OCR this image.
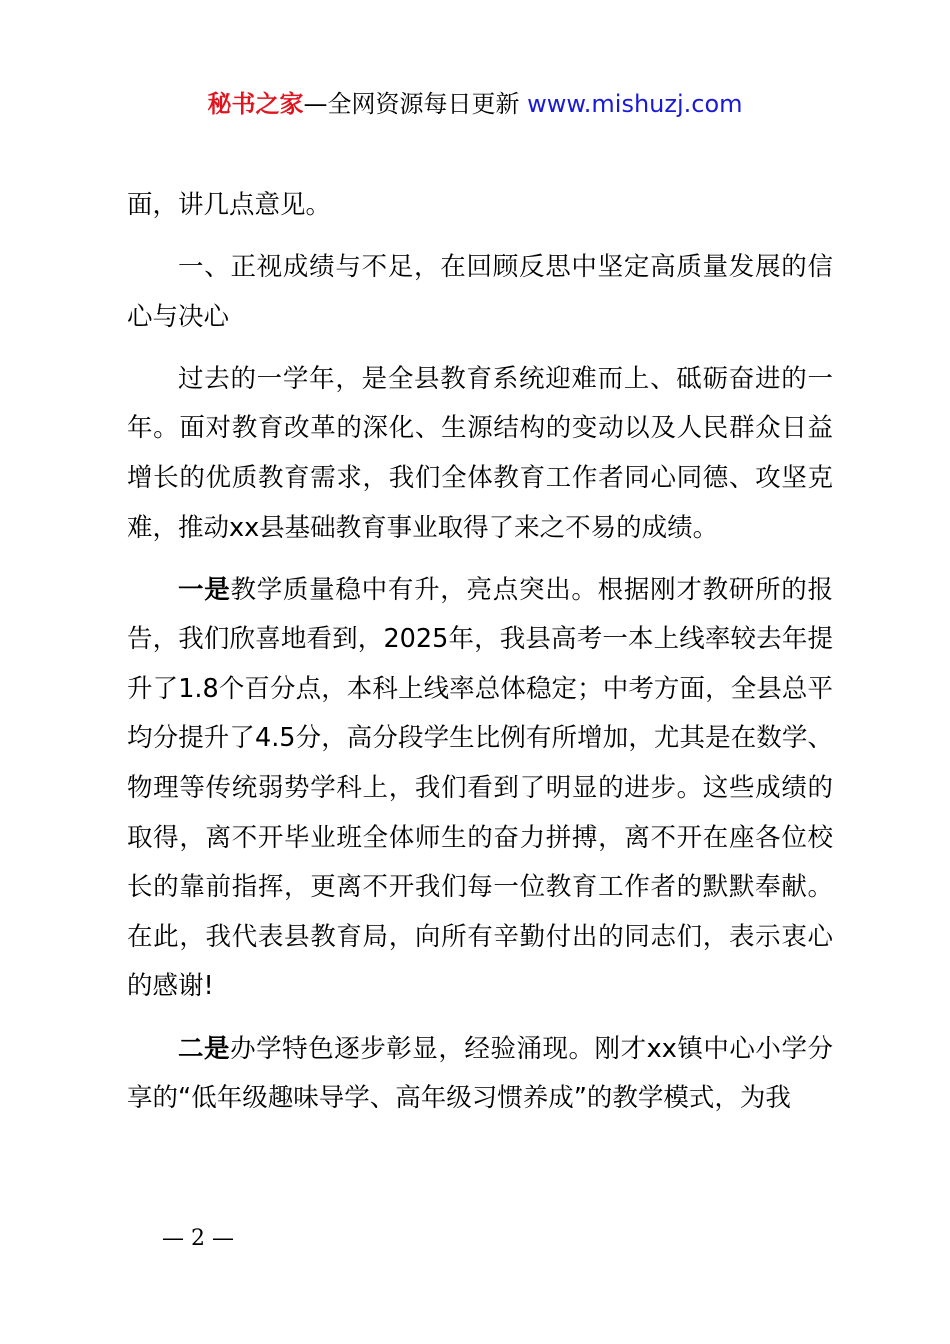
秘书之家—全网资源每日更新 www.mishuzj.com

面，讲几点意见。

一、正视成绩与不足，在回顾反思中坚定高质量发展的信心与决心

过去的一学年，是全县教育系统迎难而上、砥砺奋进的一年。面对教育改革的深化、生源结构的变动以及人民群众日益增长的优质教育需求，我们全体教育工作者同心同德、攻坚克难，推动xx县基础教育事业取得了来之不易的成绩。

一是教学质量稳中有升，亮点突出。根据刚才教研所的报告，我们欣喜地看到，2025年，我县高考一本上线率较去年提升了1.8个百分点，本科上线率总体稳定；中考方面，全县总平均分提升了4.5分，高分段学生比例有所增加，尤其是在数学、物理等传统弱势学科上，我们看到了明显的进步。这些成绩的取得，离不开毕业班全体师生的奋力拼搏，离不开在座各位校长的靠前指挥，更离不开我们每一位教育工作者的默默奉献。在此，我代表县教育局，向所有辛勤付出的同志们，表示衷心的感谢!

二是办学特色逐步彰显，经验涌现。刚才xx镇中心小学分享的“低年级趣味导学、高年级习惯养成”的教学模式，为我

— 2 —
